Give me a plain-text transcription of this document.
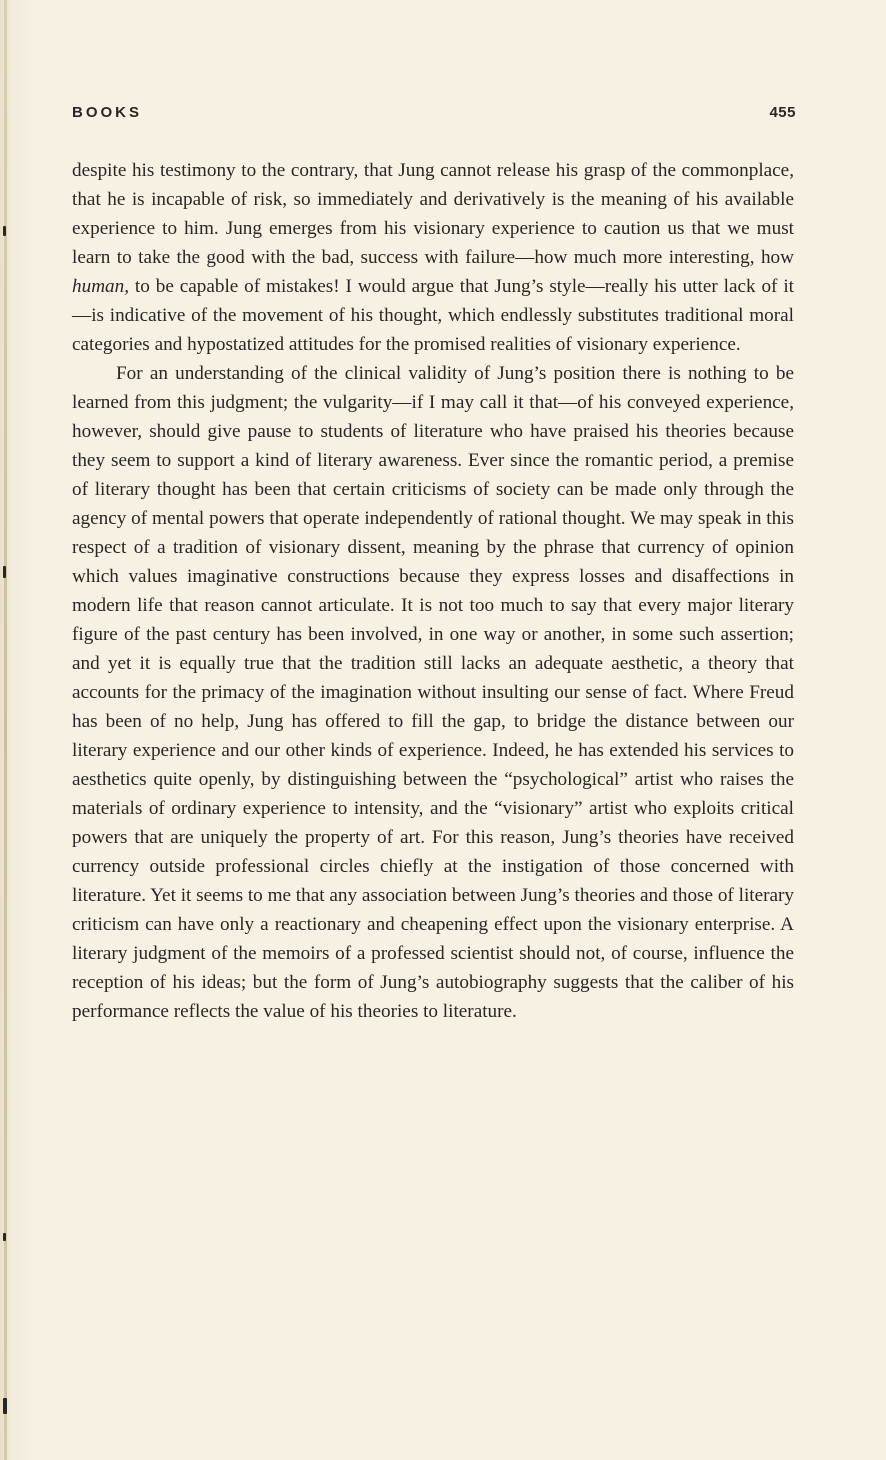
BOOKS	455

despite his testimony to the contrary, that Jung cannot release his grasp of the commonplace, that he is incapable of risk, so immediately and derivatively is the meaning of his available experience to him. Jung emerges from his visionary experience to caution us that we must learn to take the good with the bad, success with failure—how much more interesting, how human, to be capable of mistakes! I would argue that Jung’s style—really his utter lack of it—is indicative of the movement of his thought, which endlessly substitutes traditional moral categories and hypostatized attitudes for the promised realities of visionary experience.

For an understanding of the clinical validity of Jung’s position there is nothing to be learned from this judgment; the vulgarity—if I may call it that—of his conveyed experience, however, should give pause to students of literature who have praised his theories because they seem to support a kind of literary awareness. Ever since the romantic period, a premise of literary thought has been that certain criticisms of society can be made only through the agency of mental powers that operate independently of rational thought. We may speak in this respect of a tradition of visionary dissent, meaning by the phrase that currency of opinion which values imaginative constructions because they express losses and disaffections in modern life that reason cannot articulate. It is not too much to say that every major literary figure of the past century has been involved, in one way or another, in some such assertion; and yet it is equally true that the tradition still lacks an adequate aesthetic, a theory that accounts for the primacy of the imagination without insulting our sense of fact. Where Freud has been of no help, Jung has offered to fill the gap, to bridge the distance between our literary experience and our other kinds of experience. Indeed, he has extended his services to aesthetics quite openly, by distinguishing between the “psychological” artist who raises the materials of ordinary experience to intensity, and the “visionary” artist who exploits critical powers that are uniquely the property of art. For this reason, Jung’s theories have received currency outside professional circles chiefly at the instigation of those concerned with literature. Yet it seems to me that any association between Jung’s theories and those of literary criticism can have only a reactionary and cheapening effect upon the visionary enterprise. A literary judgment of the memoirs of a professed scientist should not, of course, influence the reception of his ideas; but the form of Jung’s autobiography suggests that the caliber of his performance reflects the value of his theories to literature.
